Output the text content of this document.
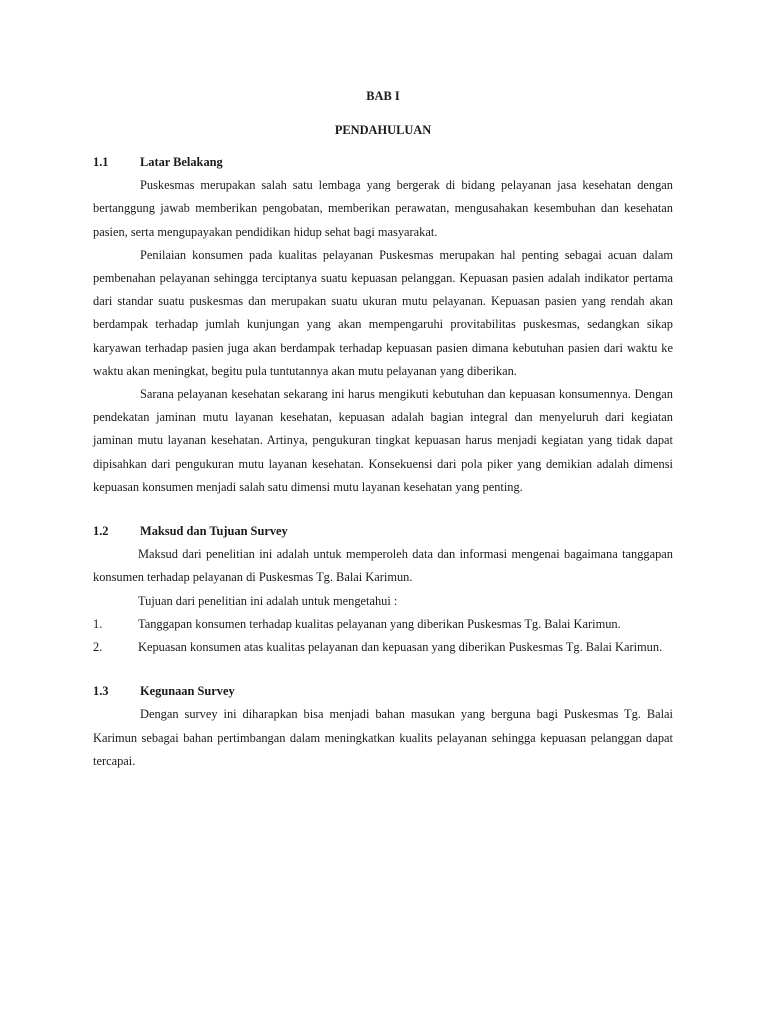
BAB I
PENDAHULUAN
1.1	Latar Belakang

Puskesmas merupakan salah satu lembaga yang bergerak di bidang pelayanan jasa kesehatan dengan bertanggung jawab memberikan pengobatan, memberikan perawatan, mengusahakan kesembuhan dan kesehatan pasien, serta mengupayakan pendidikan hidup sehat bagi masyarakat.

Penilaian konsumen pada kualitas pelayanan Puskesmas merupakan hal penting sebagai acuan dalam pembenahan pelayanan sehingga terciptanya suatu kepuasan pelanggan. Kepuasan pasien adalah indikator pertama dari standar suatu puskesmas dan merupakan suatu ukuran mutu pelayanan. Kepuasan pasien yang rendah akan berdampak terhadap jumlah kunjungan yang akan mempengaruhi provitabilitas puskesmas, sedangkan sikap karyawan terhadap pasien juga akan berdampak terhadap kepuasan pasien dimana kebutuhan pasien dari waktu ke waktu akan meningkat, begitu pula tuntutannya akan mutu pelayanan yang diberikan.

Sarana pelayanan kesehatan sekarang ini harus mengikuti kebutuhan dan kepuasan konsumennya. Dengan pendekatan jaminan mutu layanan kesehatan, kepuasan adalah bagian integral dan menyeluruh dari kegiatan jaminan mutu layanan kesehatan. Artinya, pengukuran tingkat kepuasan harus menjadi kegiatan yang tidak dapat dipisahkan dari pengukuran mutu layanan kesehatan. Konsekuensi dari pola piker yang demikian adalah dimensi kepuasan konsumen menjadi salah satu dimensi mutu layanan kesehatan yang penting.

1.2	Maksud dan Tujuan Survey

Maksud dari penelitian ini adalah untuk memperoleh data dan informasi mengenai bagaimana tanggapan konsumen terhadap pelayanan di Puskesmas Tg. Balai Karimun.

Tujuan dari penelitian ini adalah untuk mengetahui :

1.	Tanggapan konsumen terhadap kualitas pelayanan yang diberikan Puskesmas Tg. Balai Karimun.
2.	Kepuasan konsumen atas kualitas pelayanan dan kepuasan yang diberikan Puskesmas Tg. Balai Karimun.
1.3	Kegunaan Survey

Dengan survey ini diharapkan bisa menjadi bahan masukan yang berguna bagi Puskesmas Tg. Balai Karimun sebagai bahan pertimbangan dalam meningkatkan kualits pelayanan sehingga kepuasan pelanggan dapat tercapai.
